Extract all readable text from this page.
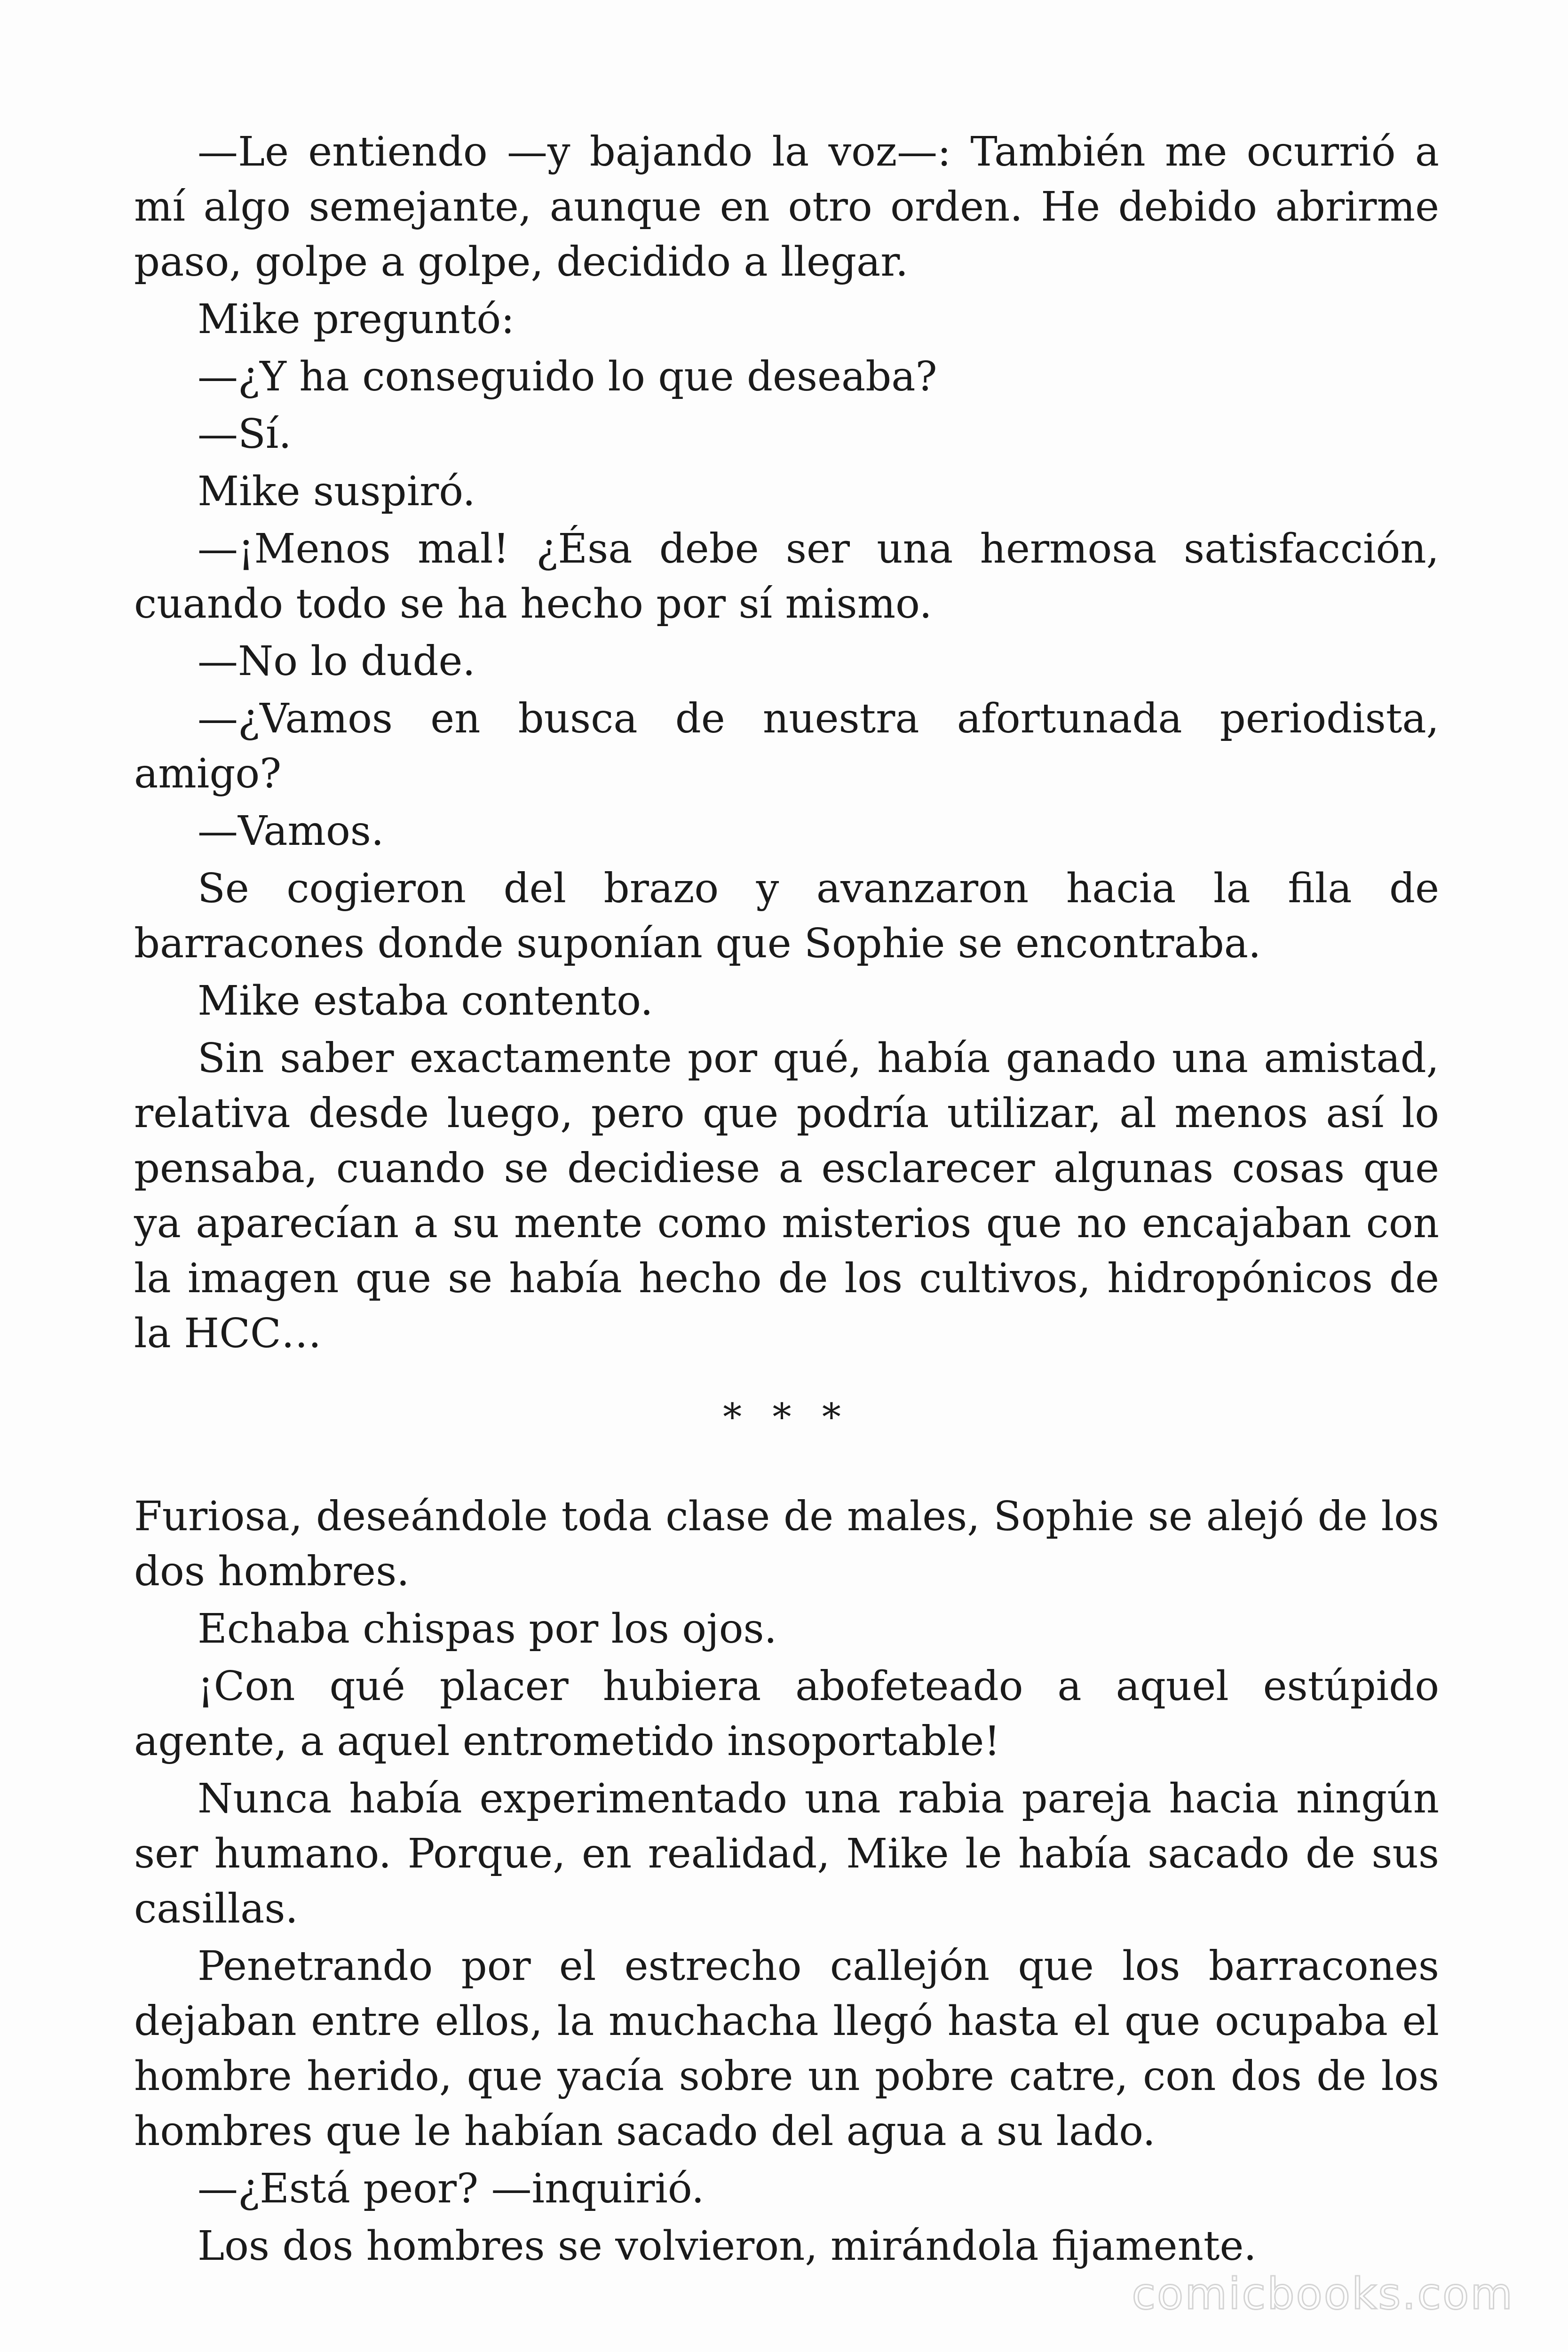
—Le entiendo —y bajando la voz—: También me ocurrió a mí algo semejante, aunque en otro orden. He debido abrirme paso, golpe a golpe, decidido a llegar.

Mike preguntó:

—¿Y ha conseguido lo que deseaba?

—Sí.

Mike suspiró.

—¡Menos mal! ¿Ésa debe ser una hermosa satisfacción, cuando todo se ha hecho por sí mismo.

—No lo dude.

—¿Vamos en busca de nuestra afortunada periodista, amigo?

—Vamos.

Se cogieron del brazo y avanzaron hacia la fila de barracones donde suponían que Sophie se encontraba.

Mike estaba contento.

Sin saber exactamente por qué, había ganado una amistad, relativa desde luego, pero que podría utilizar, al menos así lo pensaba, cuando se decidiese a esclarecer algunas cosas que ya aparecían a su mente como misterios que no encajaban con la imagen que se había hecho de los cultivos, hidropónicos de la HCC…

* * *

Furiosa, deseándole toda clase de males, Sophie se alejó de los dos hombres.

Echaba chispas por los ojos.

¡Con qué placer hubiera abofeteado a aquel estúpido agente, a aquel entrometido insoportable!

Nunca había experimentado una rabia pareja hacia ningún ser humano. Porque, en realidad, Mike le había sacado de sus casillas.

Penetrando por el estrecho callejón que los barracones dejaban entre ellos, la muchacha llegó hasta el que ocupaba el hombre herido, que yacía sobre un pobre catre, con dos de los hombres que le habían sacado del agua a su lado.

—¿Está peor? —inquirió.

Los dos hombres se volvieron, mirándola fijamente.

comicbooks.com
